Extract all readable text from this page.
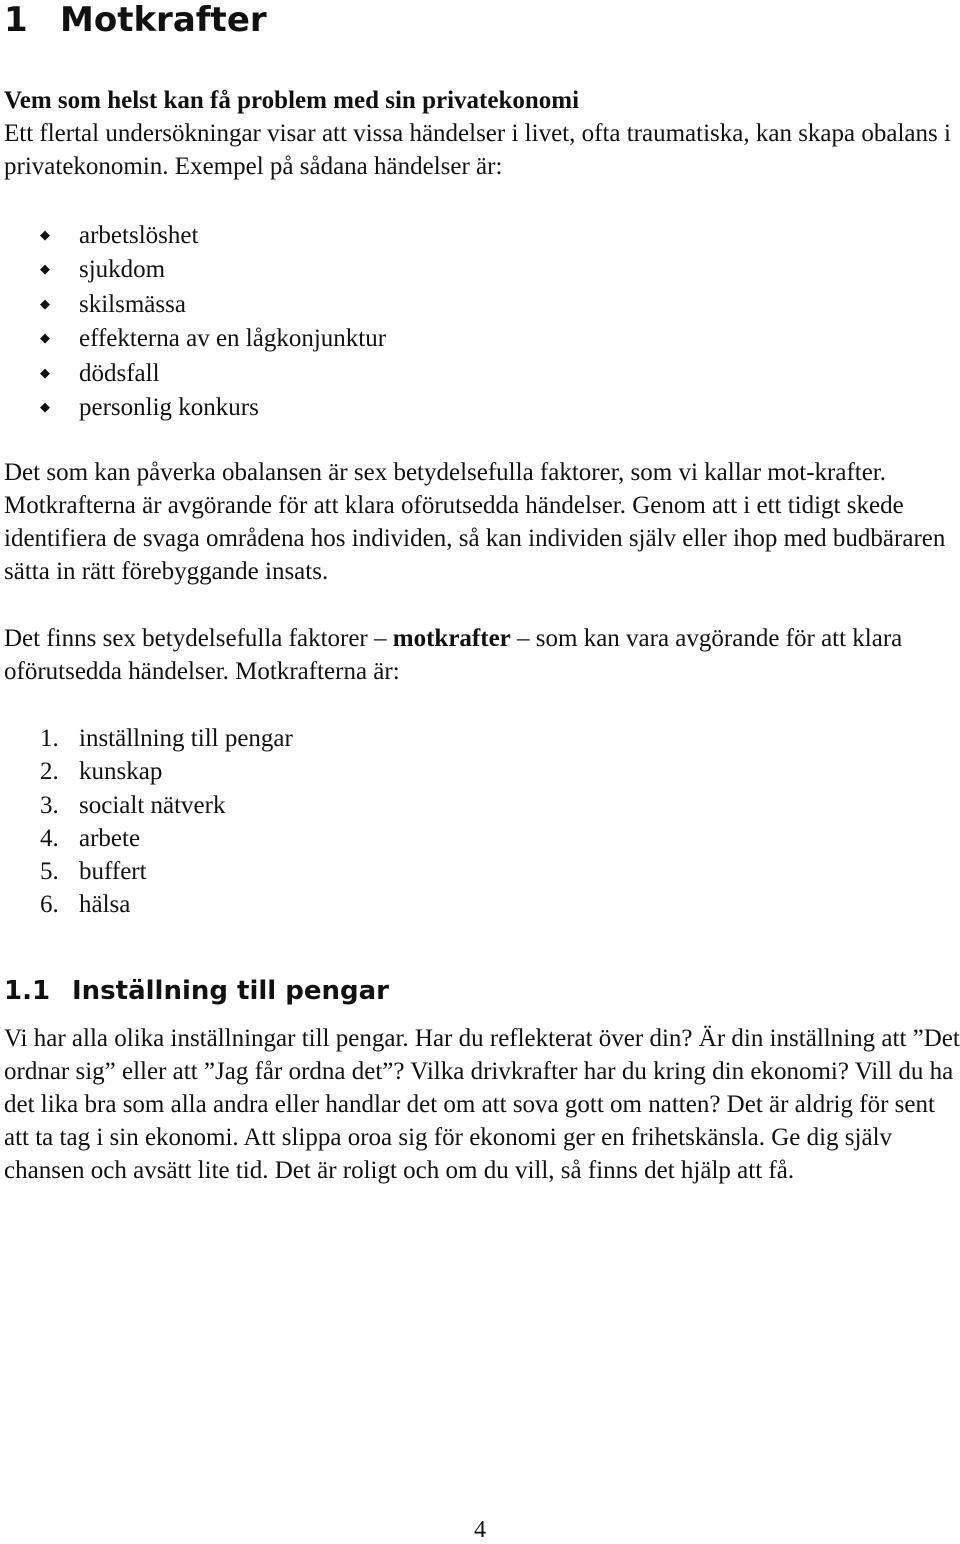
1 Motkrafter

Vem som helst kan få problem med sin privatekonomi

Ett flertal undersökningar visar att vissa händelser i livet, ofta traumatiska, kan skapa obalans i privatekonomin. Exempel på sådana händelser är:

◆ arbetslöshet
◆ sjukdom
◆ skilsmässa
◆ effekterna av en lågkonjunktur
◆ dödsfall
◆ personlig konkurs

Det som kan påverka obalansen är sex betydelsefulla faktorer, som vi kallar mot-krafter. Motkrafterna är avgörande för att klara oförutsedda händelser. Genom att i ett tidigt skede identifiera de svaga områdena hos individen, så kan individen själv eller ihop med budbäraren sätta in rätt förebyggande insats.

Det finns sex betydelsefulla faktorer – motkrafter – som kan vara avgörande för att klara oförutsedda händelser. Motkrafterna är:

1. inställning till pengar
2. kunskap
3. socialt nätverk
4. arbete
5. buffert
6. hälsa
1.1 Inställning till pengar

Vi har alla olika inställningar till pengar. Har du reflekterat över din? Är din inställning att ”Det ordnar sig” eller att ”Jag får ordna det”? Vilka drivkrafter har du kring din ekonomi? Vill du ha det lika bra som alla andra eller handlar det om att sova gott om natten? Det är aldrig för sent att ta tag i sin ekonomi. Att slippa oroa sig för ekonomi ger en frihetskänsla. Ge dig själv chansen och avsätt lite tid. Det är roligt och om du vill, så finns det hjälp att få.

4
